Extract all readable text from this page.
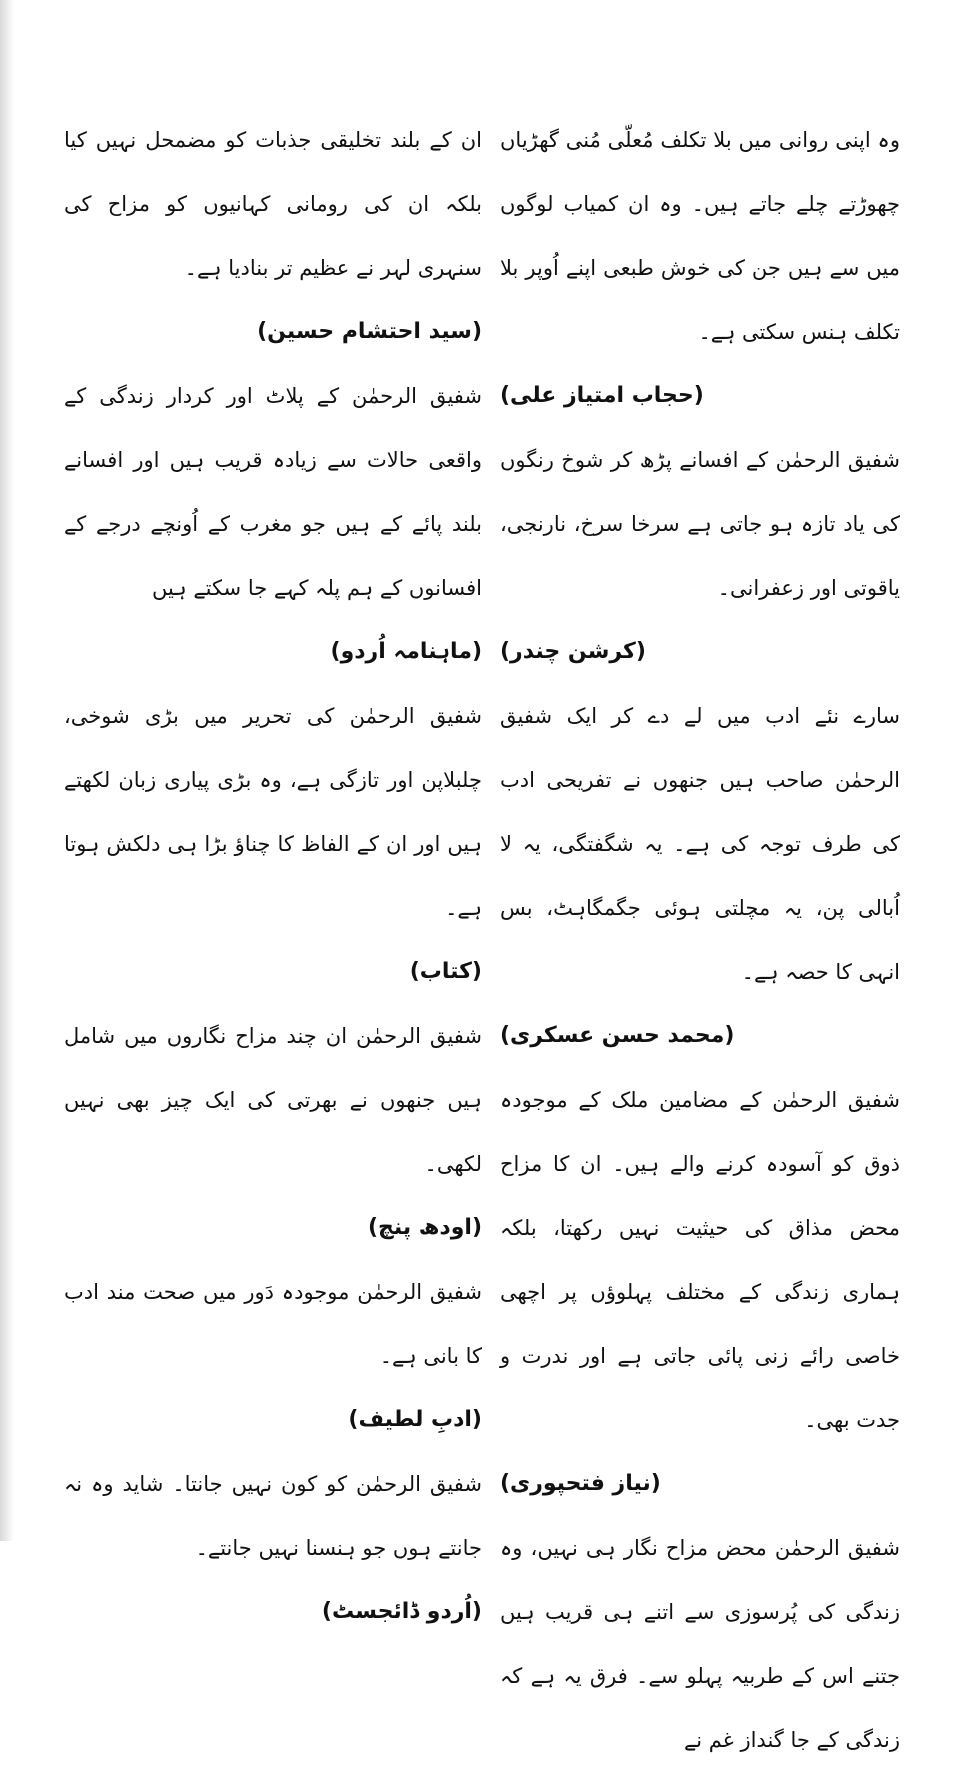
وہ اپنی روانی میں بلا تکلف مُعلّی مُنی گھڑیاں چھوڑتے چلے جاتے ہیں۔ وہ ان کمیاب لوگوں میں سے ہیں جن کی خوش طبعی اپنے اُوپر بلا تکلف ہنس سکتی ہے۔

(حجاب امتیاز علی)

شفیق الرحمٰن کے افسانے پڑھ کر شوخ رنگوں کی یاد تازہ ہو جاتی ہے سرخا سرخ، نارنجی، یاقوتی اور زعفرانی۔

(کرشن چندر)

سارے نئے ادب میں لے دے کر ایک شفیق الرحمٰن صاحب ہیں جنھوں نے تفریحی ادب کی طرف توجہ کی ہے۔ یہ شگفتگی، یہ لا اُبالی پن، یہ مچلتی ہوئی جگمگاہٹ، بس انہی کا حصہ ہے۔

(محمد حسن عسکری)

شفیق الرحمٰن کے مضامین ملک کے موجودہ ذوق کو آسودہ کرنے والے ہیں۔ ان کا مزاح محض مذاق کی حیثیت نہیں رکھتا، بلکہ ہماری زندگی کے مختلف پہلوؤں پر اچھی خاصی رائے زنی پائی جاتی ہے اور ندرت و جدت بھی۔

(نیاز فتحپوری)

شفیق الرحمٰن محض مزاح نگار ہی نہیں، وہ زندگی کی پُرسوزی سے اتنے ہی قریب ہیں جتنے اس کے طربیہ پہلو سے۔ فرق یہ ہے کہ زندگی کے جا گنداز غم نے

ان کے بلند تخلیقی جذبات کو مضمحل نہیں کیا بلکہ ان کی رومانی کہانیوں کو مزاح کی سنہری لہر نے عظیم تر بنادیا ہے۔

(سید احتشام حسین)

شفیق الرحمٰن کے پلاٹ اور کردار زندگی کے واقعی حالات سے زیادہ قریب ہیں اور افسانے بلند پائے کے ہیں جو مغرب کے اُونچے درجے کے افسانوں کے ہم پلہ کہے جا سکتے ہیں

(ماہنامہ اُردو)

شفیق الرحمٰن کی تحریر میں بڑی شوخی، چلبلاپن اور تازگی ہے، وہ بڑی پیاری زبان لکھتے ہیں اور ان کے الفاظ کا چناؤ بڑا ہی دلکش ہوتا ہے۔

(کتاب)

شفیق الرحمٰن ان چند مزاح نگاروں میں شامل ہیں جنھوں نے بھرتی کی ایک چیز بھی نہیں لکھی۔

(اودھ پنچ)

شفیق الرحمٰن موجودہ دَور میں صحت مند ادب کا بانی ہے۔

(ادبِ لطیف)

شفیق الرحمٰن کو کون نہیں جانتا۔ شاید وہ نہ جانتے ہوں جو ہنسنا نہیں جانتے۔

(اُردو ڈائجسٹ)
